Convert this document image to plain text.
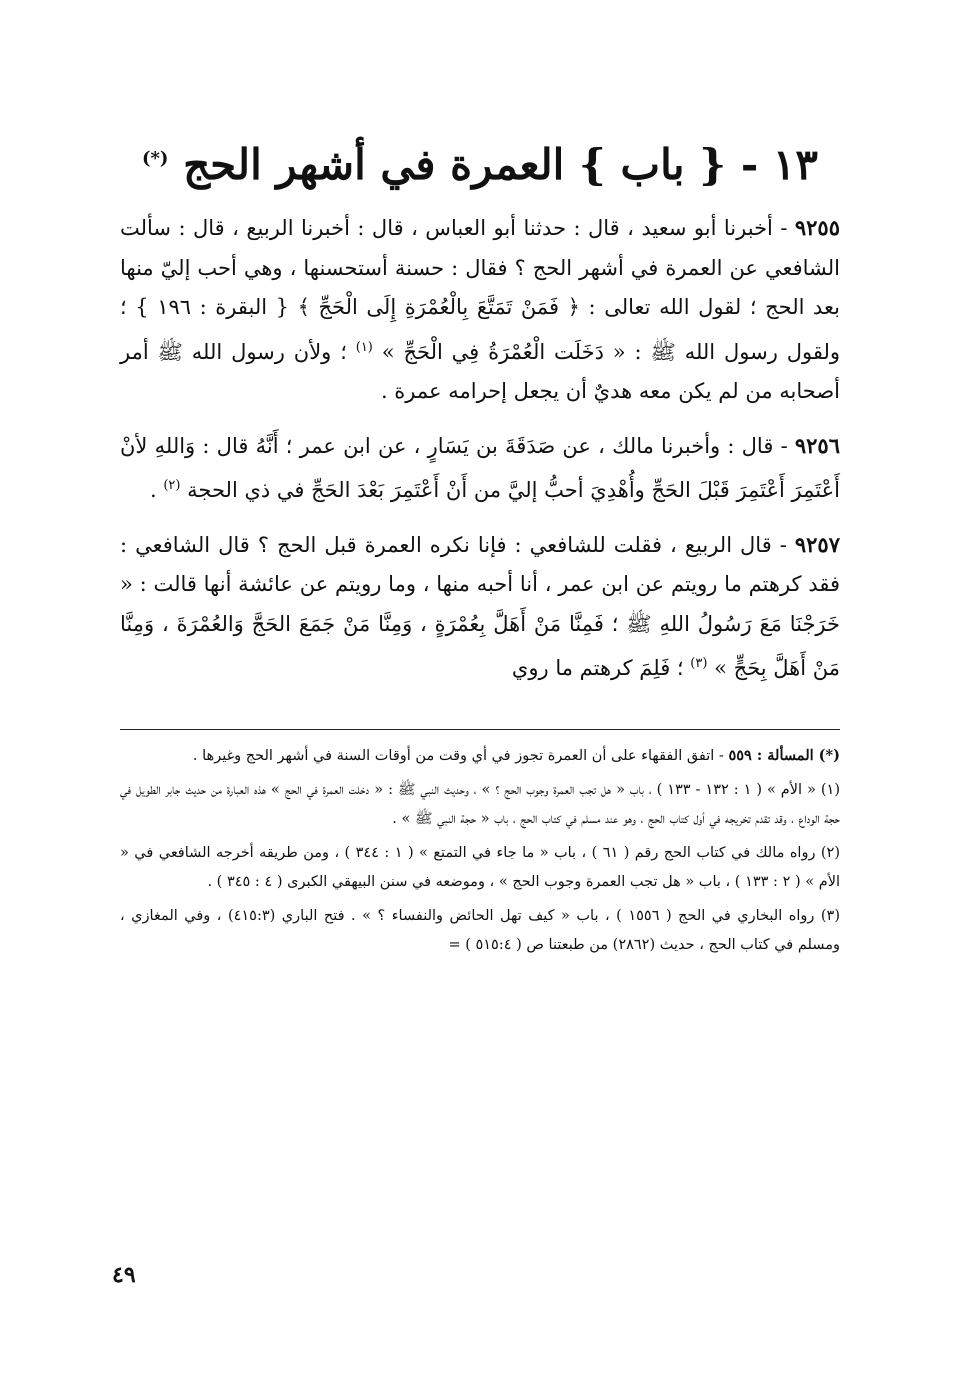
١٣ - { باب } العمرة في أشهر الحج (*)

٩٢٥٥ - أخبرنا أبو سعيد ، قال : حدثنا أبو العباس ، قال : أخبرنا الربيع ، قال : سألت الشافعي عن العمرة في أشهر الحج ؟ فقال : حسنة أستحسنها ، وهي أحب إليّ منها بعد الحج ؛ لقول الله تعالى : ﴿ فَمَنْ تَمَتَّعَ بِالْعُمْرَةِ إِلَى الْحَجِّ ﴾ { البقرة : ١٩٦ } ؛ ولقول رسول الله ﷺ : « دَخَلَت الْعُمْرَةُ فِي الْحَجِّ » $^{(١)}$ ؛ ولأن رسول الله ﷺ أمر أصحابه من لم يكن معه هديٌ أن يجعل إحرامه عمرة .

٩٢٥٦ - قال : وأخبرنا مالك ، عن صَدَقَةَ بن يَسَارٍ ، عن ابن عمر ؛ أَنَّهُ قال : وَاللهِ لأنْ أَعْتَمِرَ أَعْتَمِرَ قَبْلَ الحَجِّ وأُهْدِيَ أحبُّ إليَّ من أَنْ أَعْتَمِرَ بَعْدَ الحَجِّ في ذي الحجة $^{(٢)}$ .

٩٢٥٧ - قال الربيع ، فقلت للشافعي : فإنا نكره العمرة قبل الحج ؟ قال الشافعي : فقد كرهتم ما رويتم عن ابن عمر ، أنا أحبه منها ، وما رويتم عن عائشة أنها قالت : « خَرَجْنَا مَعَ رَسُولُ اللهِ ﷺ ؛ فَمِنَّا مَنْ أَهَلَّ بِعُمْرَةٍ ، وَمِنَّا مَنْ جَمَعَ الحَجَّ وَالعُمْرَةَ ، وَمِنَّا مَنْ أَهَلَّ بِحَجٍّ » $^{(٣)}$ ؛ فَلِمَ كرهتم ما روي

(*) المسألة : ٥٥٩ - اتفق الفقهاء على أن العمرة تجوز في أي وقت من أوقات السنة في أشهر الحج وغيرها .

(١) « الأم » ( ١ : ١٣٢ - ١٣٣ ) ، باب « هل تجب العمرة وجوب الحج ؟ » ، وحديث النبي ﷺ : « دخلت العمرة في الحج » هذه العبارة من حديث جابر الطويل في حجة الوداع ، وقد تقدم تخريجه في أول كتاب الحج ، وهو عند مسلم في كتاب الحج ، باب « حجة النبي ﷺ » .

(٢) رواه مالك في كتاب الحج رقم ( ٦١ ) ، باب « ما جاء في التمتع » ( ١ : ٣٤٤ ) ، ومن طريقه أخرجه الشافعي في « الأم » ( ٢ : ١٣٣ ) ، باب « هل تجب العمرة وجوب الحج » ، وموضعه في سنن البيهقي الكبرى ( ٤ : ٣٤٥ ) .

(٣) رواه البخاري في الحج ( ١٥٥٦ ) ، باب « كيف تهل الحائض والنفساء ؟ » . فتح الباري (٤١٥:٣) ، وفي المغازي ، ومسلم في كتاب الحج ، حديث (٢٨٦٢) من طبعتنا ص ( ٥١٥:٤ ) =

٤٩
